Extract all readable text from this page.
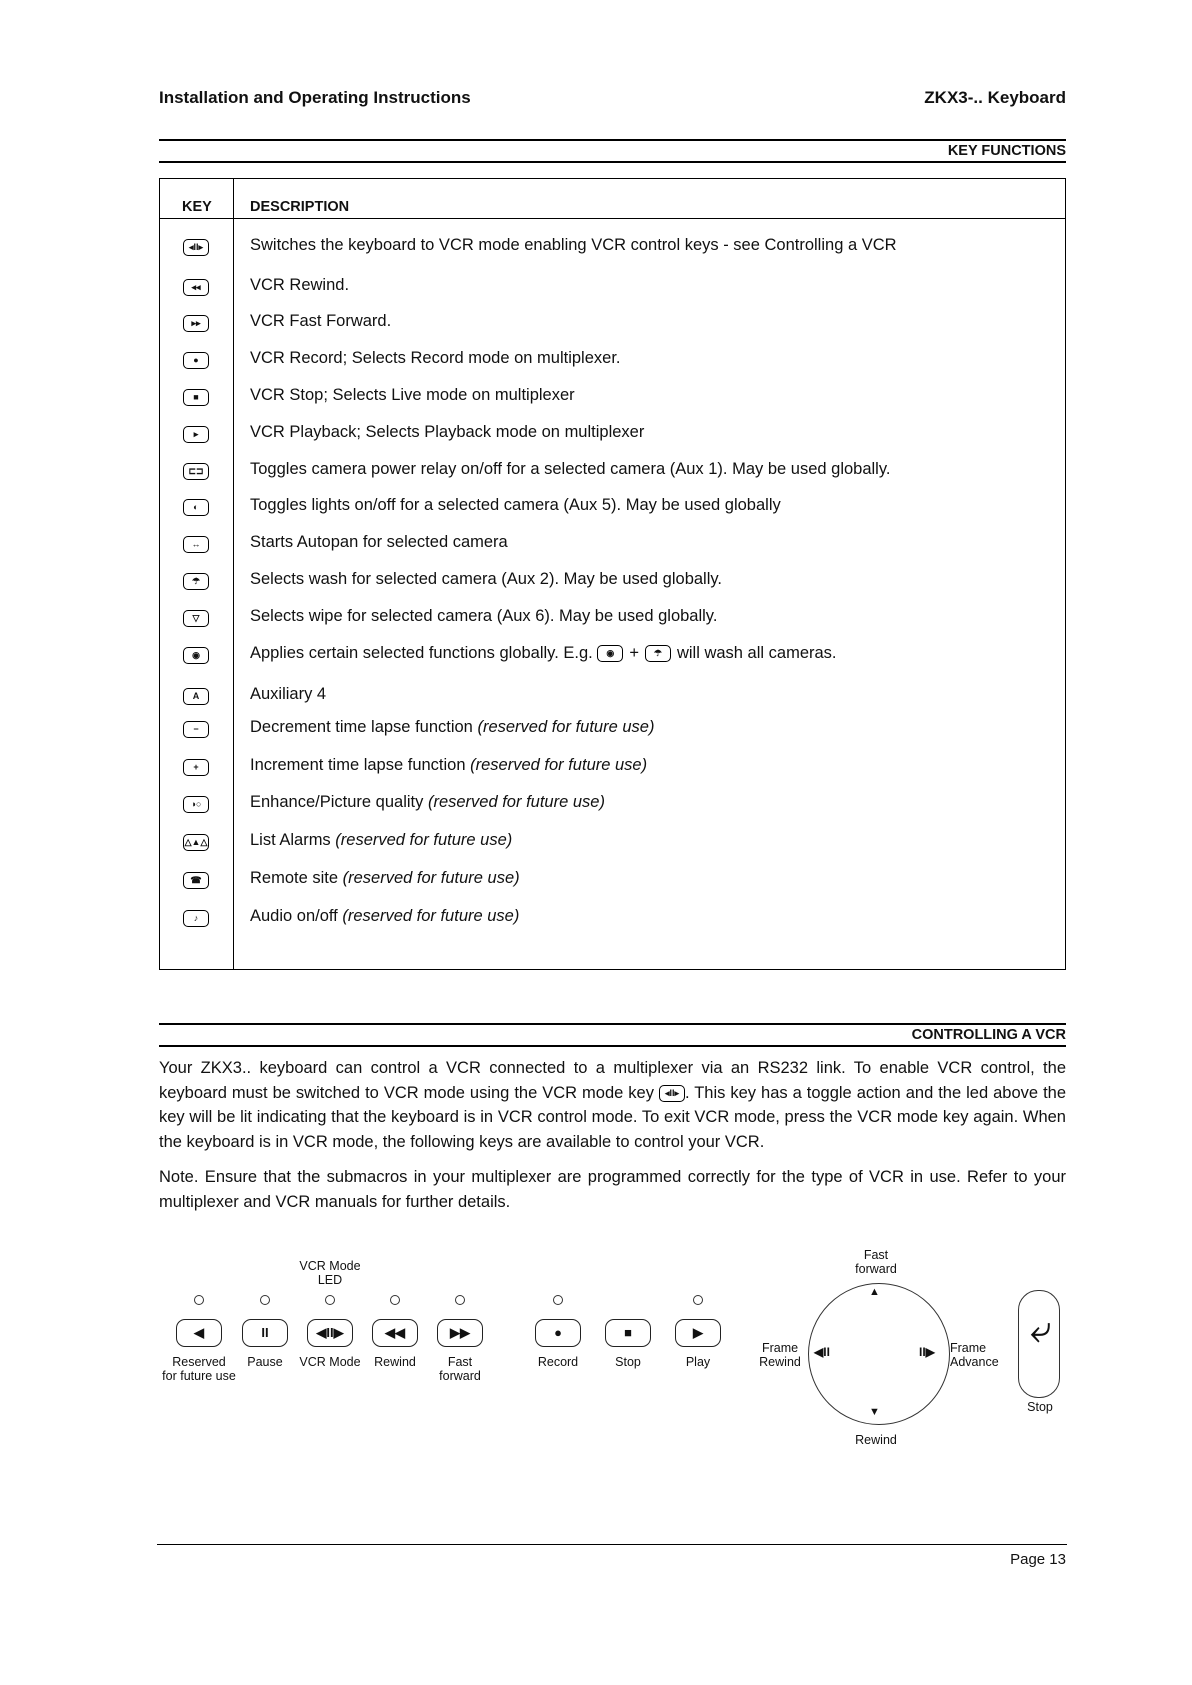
Installation and Operating Instructions	ZKX3-.. Keyboard
KEY FUNCTIONS
KEY	DESCRIPTION
◂II▸	Switches the keyboard to VCR mode enabling VCR control keys - see Controlling a VCR
◂◂	VCR Rewind.
▸▸	VCR Fast Forward.
●	VCR Record; Selects Record mode on multiplexer.
■	VCR Stop; Selects Live mode on multiplexer
▸	VCR Playback; Selects Playback mode on multiplexer
⊏⊐	Toggles camera power relay on/off for a selected camera (Aux 1). May be used globally.
◐	Toggles lights on/off for a selected camera (Aux 5). May be used globally
↔	Starts Autopan for selected camera
☂	Selects wash for selected camera (Aux 2). May be used globally.
▽	Selects wipe for selected camera (Aux 6). May be used globally.
◉	Applies certain selected functions globally. E.g. ◉ + ☂ will wash all cameras.
A	Auxiliary 4
−	Decrement time lapse function (reserved for future use)
+	Increment time lapse function (reserved for future use)
◑○	Enhance/Picture quality (reserved for future use)
△▲△	List Alarms (reserved for future use)
☎	Remote site (reserved for future use)
♪	Audio on/off (reserved for future use)
CONTROLLING A VCR
Your ZKX3.. keyboard can control a VCR connected to a multiplexer via an RS232 link. To enable VCR control, the keyboard must be switched to VCR mode using the VCR mode key ◂II▸ . This key has a toggle action and the led above the key will be lit indicating that the keyboard is in VCR control mode. To exit VCR mode, press the VCR mode key again. When the keyboard is in VCR mode, the following keys are available to control your VCR.
Note. Ensure that the submacros in your multiplexer are programmed correctly for the type of VCR in use. Refer to your multiplexer and VCR manuals for further details.
VCR Mode
LED
◀
Reserved
for future use
II
Pause
◀II▶
VCR Mode
◀◀
Rewind
▶▶
Fast
forward
●
Record
■
Stop
▶
Play
Fast
forward
Frame
Rewind
Frame
Advance
Rewind
▲
▼
◀II	II▶
⤶
Stop
Page 13
